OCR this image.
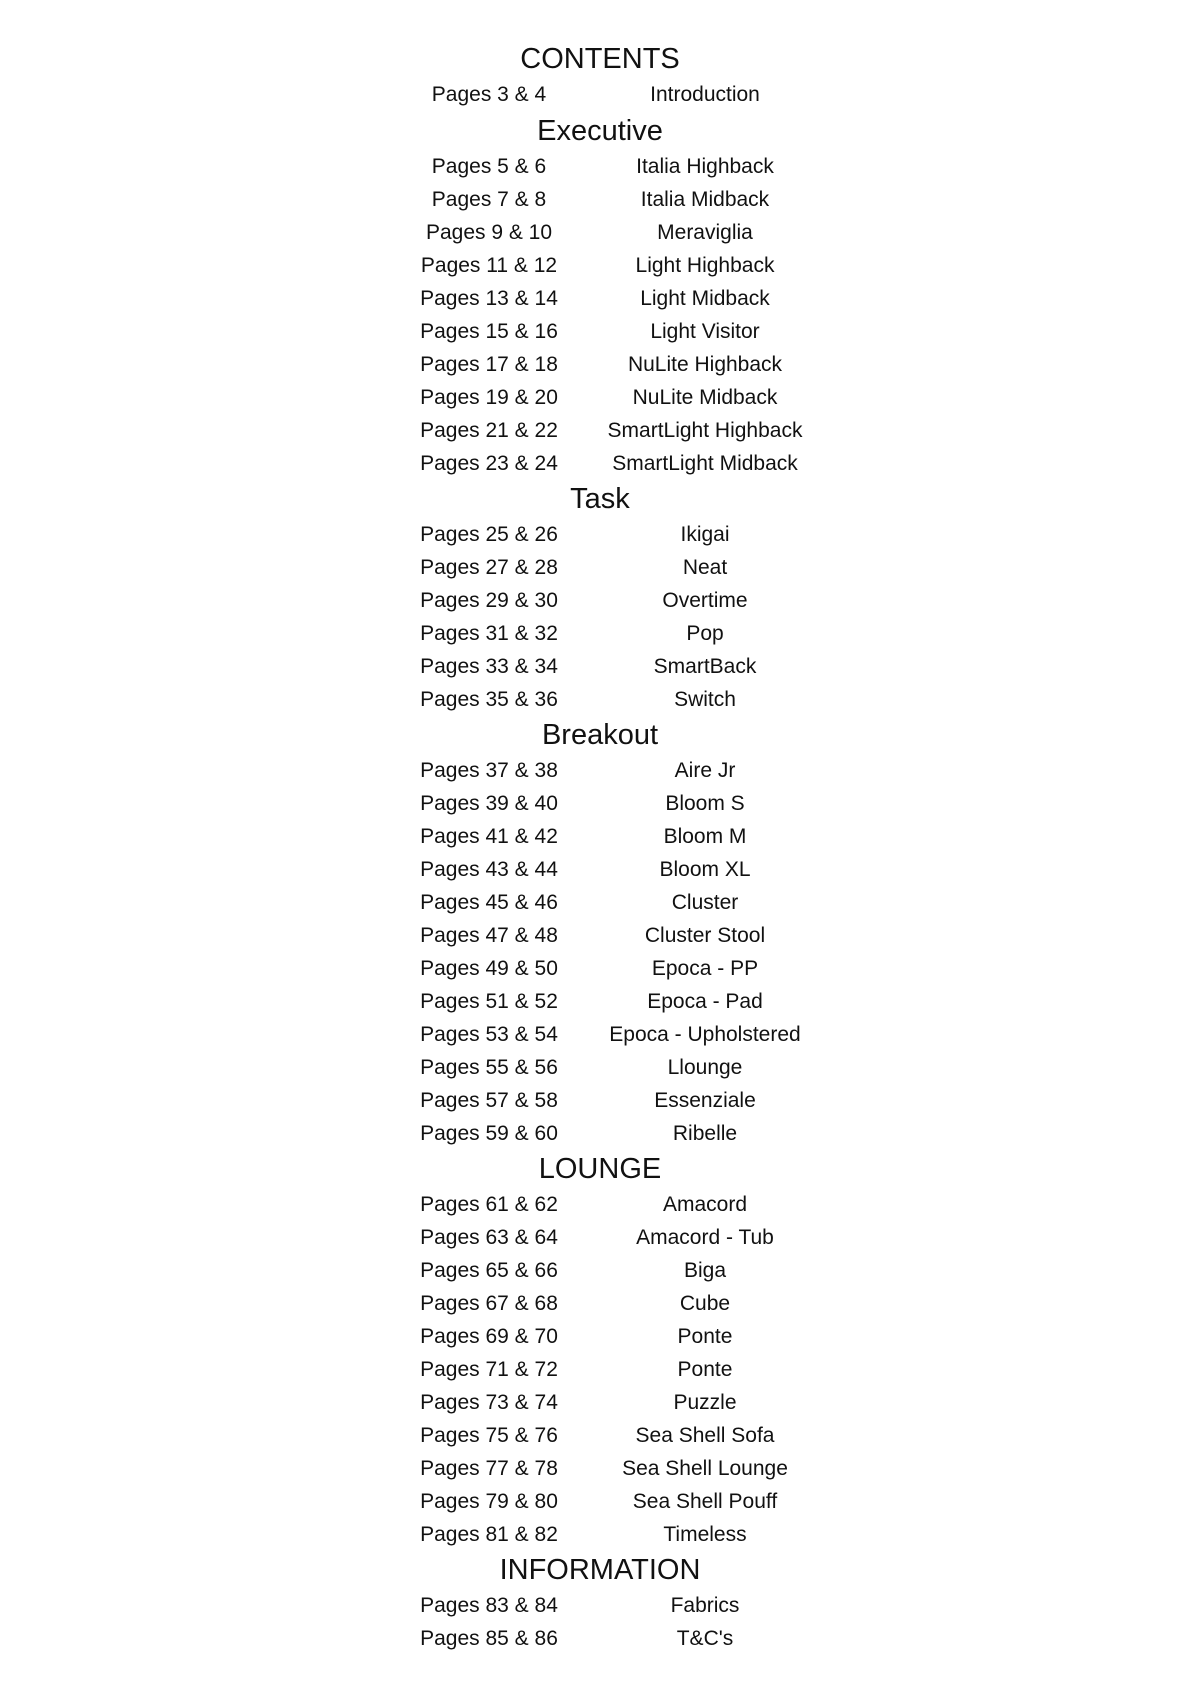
CONTENTS
Pages 3 & 4	Introduction
Executive
Pages 5 & 6	Italia Highback
Pages 7 & 8	Italia Midback
Pages 9 & 10	Meraviglia
Pages 11 & 12	Light Highback
Pages 13 & 14	Light Midback
Pages 15 & 16	Light Visitor
Pages 17 & 18	NuLite Highback
Pages 19 & 20	NuLite Midback
Pages 21 & 22	SmartLight Highback
Pages 23 & 24	SmartLight Midback
Task
Pages 25 & 26	Ikigai
Pages 27 & 28	Neat
Pages 29 & 30	Overtime
Pages 31 & 32	Pop
Pages 33 & 34	SmartBack
Pages 35 & 36	Switch
Breakout
Pages 37 & 38	Aire Jr
Pages 39 & 40	Bloom S
Pages 41 & 42	Bloom M
Pages 43 & 44	Bloom XL
Pages 45 & 46	Cluster
Pages 47 & 48	Cluster Stool
Pages 49 & 50	Epoca - PP
Pages 51 & 52	Epoca - Pad
Pages 53 & 54	Epoca - Upholstered
Pages 55 & 56	Llounge
Pages 57 & 58	Essenziale
Pages 59 & 60	Ribelle
LOUNGE
Pages 61 & 62	Amacord
Pages 63 & 64	Amacord - Tub
Pages 65 & 66	Biga
Pages 67 & 68	Cube
Pages 69 & 70	Ponte
Pages 71 & 72	Ponte
Pages 73 & 74	Puzzle
Pages 75 & 76	Sea Shell Sofa
Pages 77 & 78	Sea Shell Lounge
Pages 79 & 80	Sea Shell Pouff
Pages 81 & 82	Timeless
INFORMATION
Pages 83 & 84	Fabrics
Pages 85 & 86	T&C's
